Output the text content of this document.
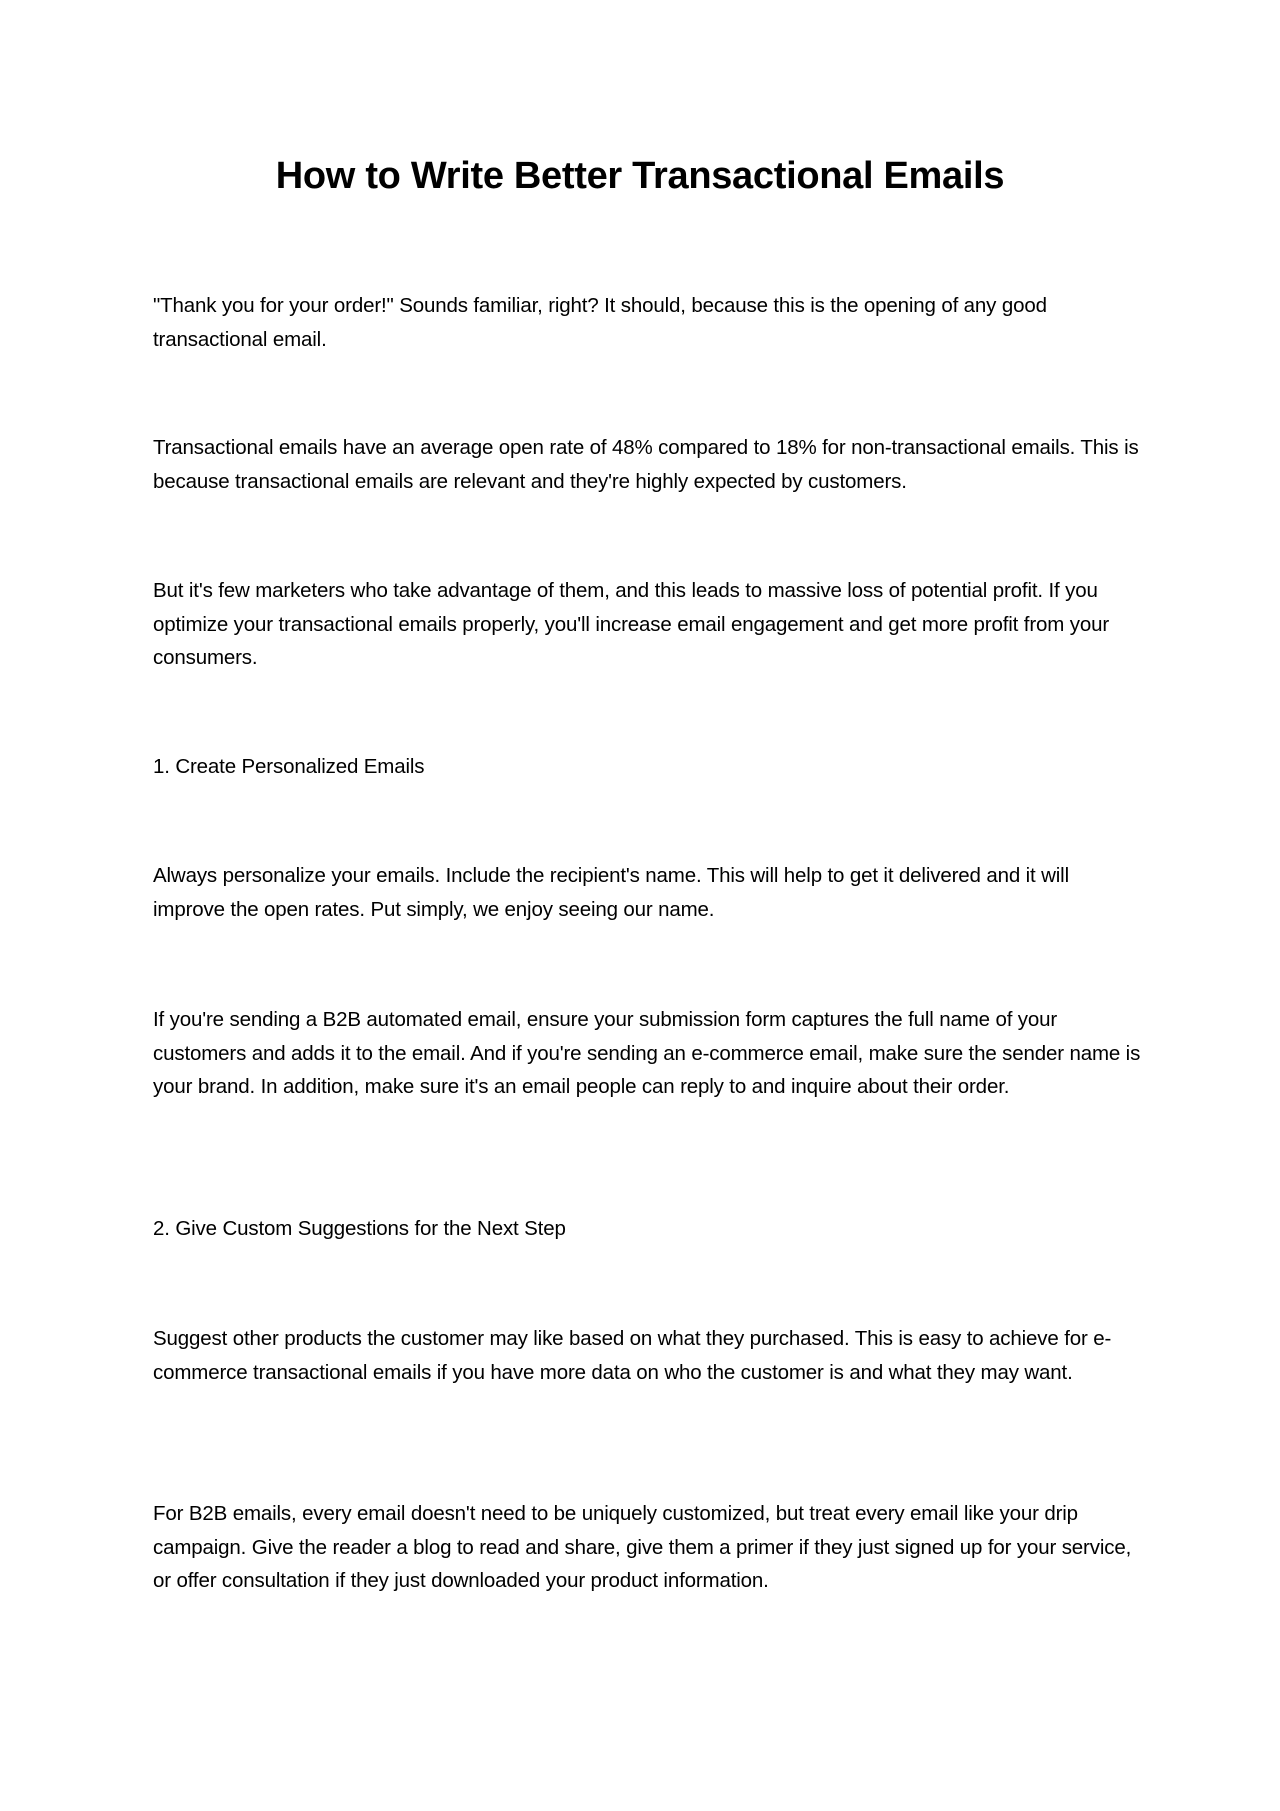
How to Write Better Transactional Emails

"Thank you for your order!" Sounds familiar, right? It should, because this is the opening of any good transactional email.

Transactional emails have an average open rate of 48% compared to 18% for non-transactional emails. This is because transactional emails are relevant and they're highly expected by customers.

But it's few marketers who take advantage of them, and this leads to massive loss of potential profit. If you optimize your transactional emails properly, you'll increase email engagement and get more profit from your consumers.

1. Create Personalized Emails

Always personalize your emails. Include the recipient's name. This will help to get it delivered and it will improve the open rates. Put simply, we enjoy seeing our name.

If you're sending a B2B automated email, ensure your submission form captures the full name of your customers and adds it to the email. And if you're sending an e-commerce email, make sure the sender name is your brand. In addition, make sure it's an email people can reply to and inquire about their order.

2. Give Custom Suggestions for the Next Step

Suggest other products the customer may like based on what they purchased. This is easy to achieve for e-commerce transactional emails if you have more data on who the customer is and what they may want.

For B2B emails, every email doesn't need to be uniquely customized, but treat every email like your drip campaign. Give the reader a blog to read and share, give them a primer if they just signed up for your service, or offer consultation if they just downloaded your product information.
